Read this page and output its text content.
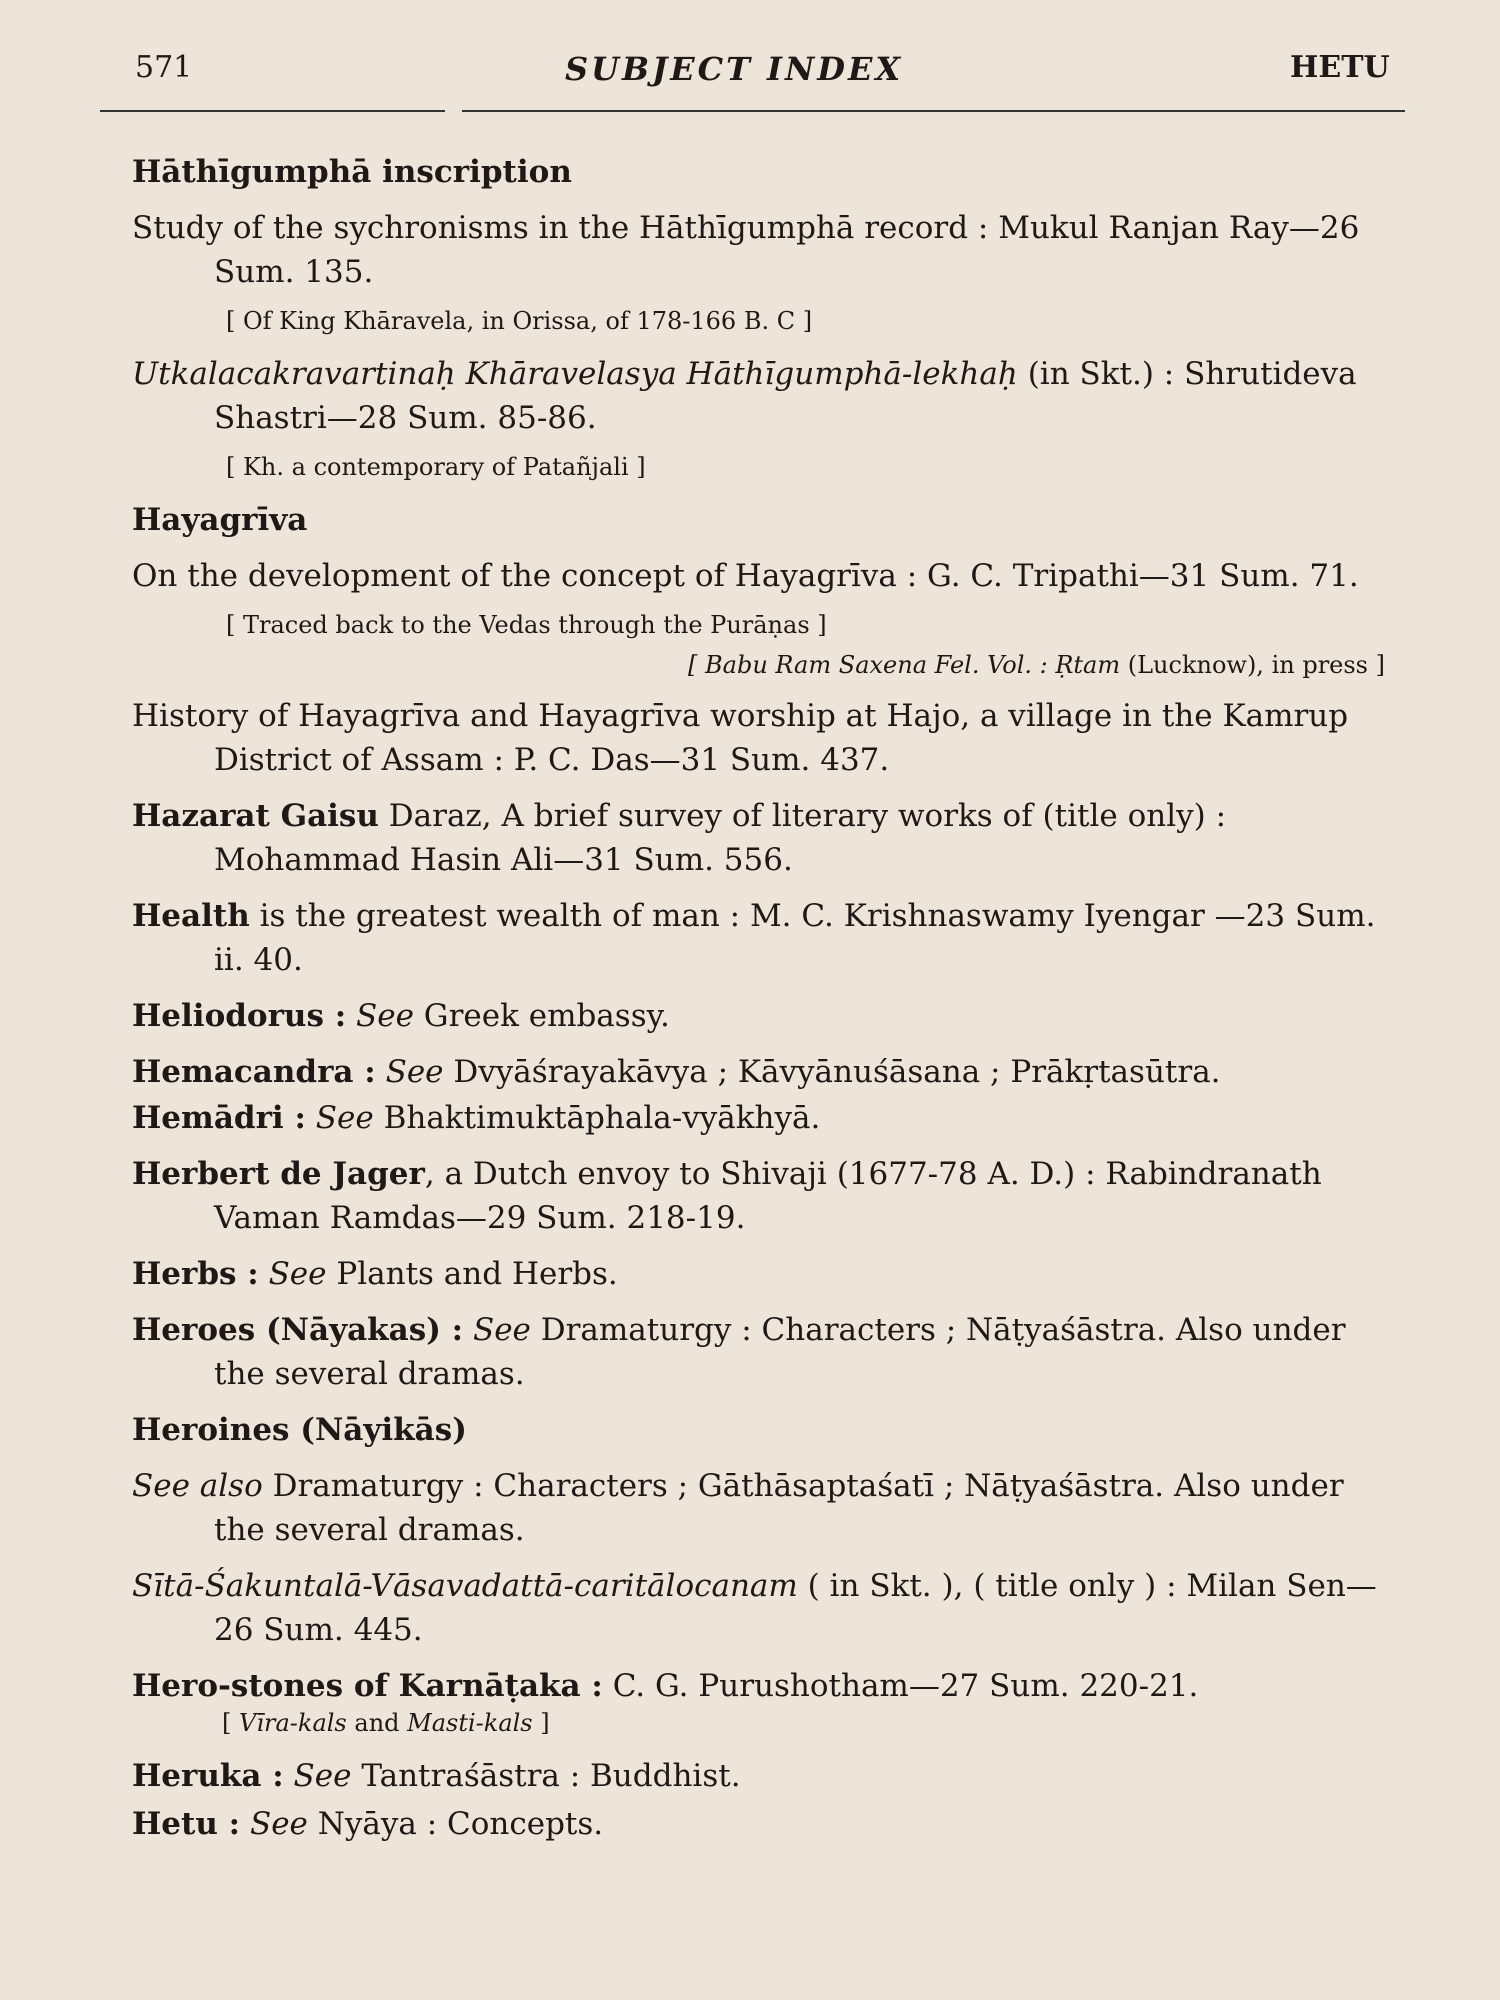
571	SUBJECT INDEX	HETU
Hāthīgumphā inscription
Study of the sychronisms in the Hāthīgumphā record : Mukul Ranjan Ray—26 Sum. 135.
[ Of King Khāravela, in Orissa, of 178-166 B. C ]
Utkalacakravartinaḥ Khāravelasya Hāthīgumphā-lekhaḥ (in Skt.) : Shrutideva Shastri—28 Sum. 85-86.
[ Kh. a contemporary of Patañjali ]
Hayagrīva
On the development of the concept of Hayagrīva : G. C. Tripathi—31 Sum. 71.
[ Traced back to the Vedas through the Purāṇas ]
[ Babu Ram Saxena Fel. Vol. : Ṛtam (Lucknow), in press ]
History of Hayagrīva and Hayagrīva worship at Hajo, a village in the Kamrup District of Assam : P. C. Das—31 Sum. 437.
Hazarat Gaisu Daraz, A brief survey of literary works of (title only) : Mohammad Hasin Ali—31 Sum. 556.
Health is the greatest wealth of man : M. C. Krishnaswamy Iyengar —23 Sum. ii. 40.
Heliodorus : See Greek embassy.
Hemacandra : See Dvyāśrayakāvya ; Kāvyānuśāsana ; Prākṛtasūtra.
Hemādri : See Bhaktimuktāphala-vyākhyā.
Herbert de Jager, a Dutch envoy to Shivaji (1677-78 A. D.) : Rabindranath Vaman Ramdas—29 Sum. 218-19.
Herbs : See Plants and Herbs.
Heroes (Nāyakas) : See Dramaturgy : Characters ; Nāṭyaśāstra. Also under the several dramas.
Heroines (Nāyikās)
See also Dramaturgy : Characters ; Gāthāsaptaśatī ; Nāṭyaśāstra. Also under the several dramas.
Sītā-Śakuntalā-Vāsavadattā-caritālocanam ( in Skt. ), ( title only ) : Milan Sen—26 Sum. 445.
Hero-stones of Karnāṭaka : C. G. Purushotham—27 Sum. 220-21.
[ Vīra-kals and Masti-kals ]
Heruka : See Tantraśāstra : Buddhist.
Hetu : See Nyāya : Concepts.
